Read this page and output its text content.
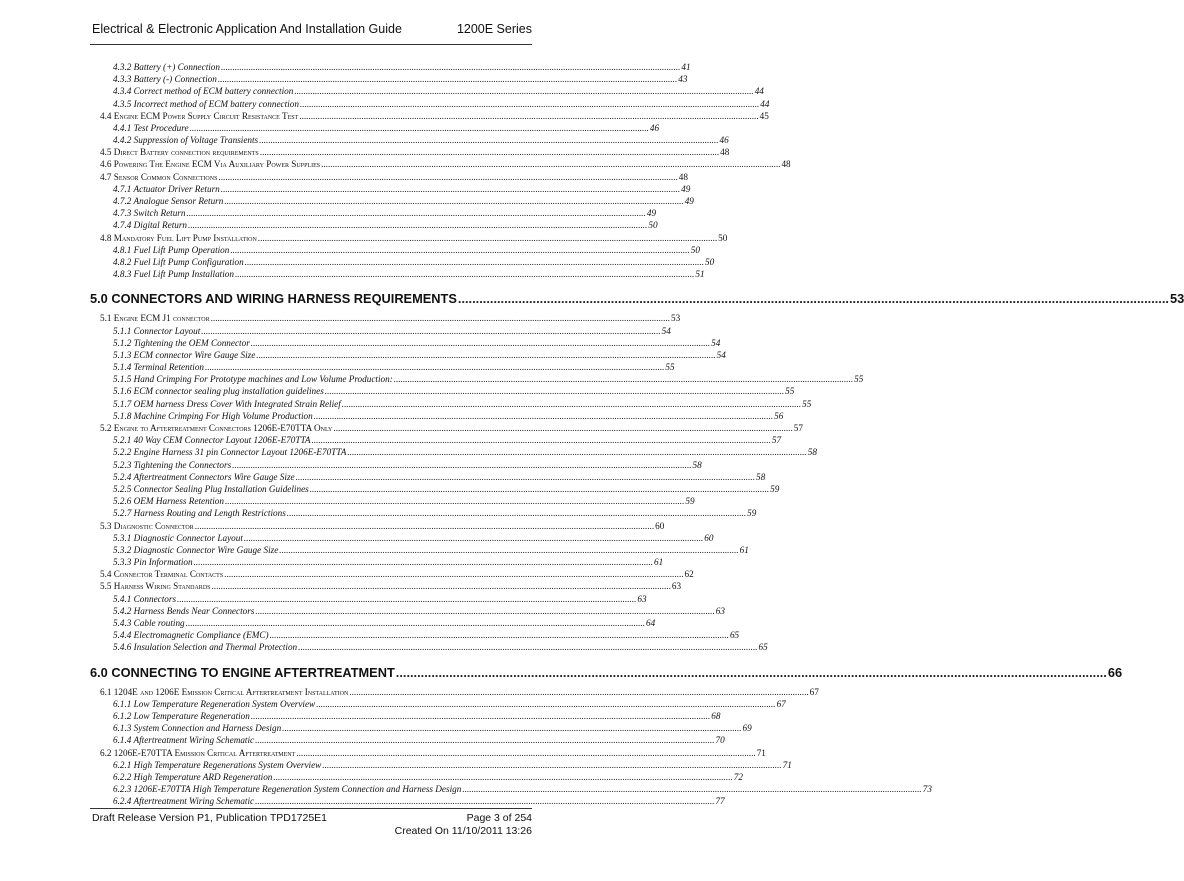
Electrical & Electronic Application And Installation Guide	1200E Series
4.3.2 Battery (+) Connection ........................................................................................................................................................................................................ 41
4.3.3 Battery (-) Connection ........................................................................................................................................................................................................ 43
4.3.4 Correct method of ECM battery connection ........................................................................................................................................................................................................ 44
4.3.5 Incorrect method of ECM battery connection ........................................................................................................................................................................................................ 44
4.4 Engine ECM Power Supply Circuit Resistance Test ........................................................................................................................................................................................................ 45
4.4.1 Test Procedure ........................................................................................................................................................................................................ 46
4.4.2 Suppression of Voltage Transients ........................................................................................................................................................................................................ 46
4.5 Direct Battery connection requirements ........................................................................................................................................................................................................ 48
4.6 Powering The Engine ECM Via Auxiliary Power Supplies ........................................................................................................................................................................................................ 48
4.7 Sensor Common Connections ........................................................................................................................................................................................................ 48
4.7.1 Actuator Driver Return ........................................................................................................................................................................................................ 49
4.7.2 Analogue Sensor Return ........................................................................................................................................................................................................ 49
4.7.3 Switch Return ........................................................................................................................................................................................................ 49
4.7.4 Digital Return ........................................................................................................................................................................................................ 50
4.8 Mandatory Fuel Lift Pump Installation ........................................................................................................................................................................................................ 50
4.8.1 Fuel Lift Pump Operation ........................................................................................................................................................................................................ 50
4.8.2 Fuel Lift Pump Configuration ........................................................................................................................................................................................................ 50
4.8.3 Fuel Lift Pump Installation ........................................................................................................................................................................................................ 51
5.0 CONNECTORS AND WIRING HARNESS REQUIREMENTS ........................................................................................................................................................................................................ 53
5.1 Engine ECM J1 connector ........................................................................................................................................................................................................ 53
5.1.1 Connector Layout ........................................................................................................................................................................................................ 54
5.1.2 Tightening the OEM Connector ........................................................................................................................................................................................................ 54
5.1.3 ECM connector Wire Gauge Size ........................................................................................................................................................................................................ 54
5.1.4 Terminal Retention ........................................................................................................................................................................................................ 55
5.1.5 Hand Crimping For Prototype machines and Low Volume Production: ........................................................................................................................................................................................................ 55
5.1.6 ECM connector sealing plug installation guidelines ........................................................................................................................................................................................................ 55
5.1.7 OEM harness Dress Cover With Integrated Strain Relief ........................................................................................................................................................................................................ 55
5.1.8 Machine Crimping For High Volume Production ........................................................................................................................................................................................................ 56
5.2 Engine to Aftertreatment Connectors 1206E-E70TTA Only ........................................................................................................................................................................................................ 57
5.2.1 40 Way CEM Connector Layout 1206E-E70TTA ........................................................................................................................................................................................................ 57
5.2.2 Engine Harness 31 pin Connector Layout 1206E-E70TTA ........................................................................................................................................................................................................ 58
5.2.3 Tightening the Connectors ........................................................................................................................................................................................................ 58
5.2.4 Aftertreatment Connectors Wire Gauge Size ........................................................................................................................................................................................................ 58
5.2.5 Connector Sealing Plug Installation Guidelines ........................................................................................................................................................................................................ 59
5.2.6 OEM Harness Retention ........................................................................................................................................................................................................ 59
5.2.7 Harness Routing and Length Restrictions ........................................................................................................................................................................................................ 59
5.3 Diagnostic Connector ........................................................................................................................................................................................................ 60
5.3.1 Diagnostic Connector Layout ........................................................................................................................................................................................................ 60
5.3.2 Diagnostic Connector Wire Gauge Size ........................................................................................................................................................................................................ 61
5.3.3 Pin Information ........................................................................................................................................................................................................ 61
5.4 Connector Terminal Contacts ........................................................................................................................................................................................................ 62
5.5 Harness Wiring Standards ........................................................................................................................................................................................................ 63
5.4.1 Connectors ........................................................................................................................................................................................................ 63
5.4.2 Harness Bends Near Connectors ........................................................................................................................................................................................................ 63
5.4.3 Cable routing ........................................................................................................................................................................................................ 64
5.4.4 Electromagnetic Compliance (EMC) ........................................................................................................................................................................................................ 65
5.4.6 Insulation Selection and Thermal Protection ........................................................................................................................................................................................................ 65
6.0 CONNECTING TO ENGINE AFTERTREATMENT ........................................................................................................................................................................................................ 66
6.1 1204E and 1206E Emission Critical Aftertreatment Installation ........................................................................................................................................................................................................ 67
6.1.1 Low Temperature Regeneration System Overview ........................................................................................................................................................................................................ 67
6.1.2 Low Temperature Regeneration ........................................................................................................................................................................................................ 68
6.1.3 System Connection and Harness Design ........................................................................................................................................................................................................ 69
6.1.4 Aftertreatment Wiring Schematic ........................................................................................................................................................................................................ 70
6.2 1206E-E70TTA Emission Critical Aftertreatment ........................................................................................................................................................................................................ 71
6.2.1 High Temperature Regenerations System Overview ........................................................................................................................................................................................................ 71
6.2.2 High Temperature ARD Regeneration ........................................................................................................................................................................................................ 72
6.2.3 1206E-E70TTA High Temperature Regeneration System Connection and Harness Design ........................................................................................................................................................................................................ 73
6.2.4 Aftertreatment Wiring Schematic ........................................................................................................................................................................................................ 77
Draft Release Version P1, Publication TPD1725E1	Page 3 of 254
Created On 11/10/2011 13:26
